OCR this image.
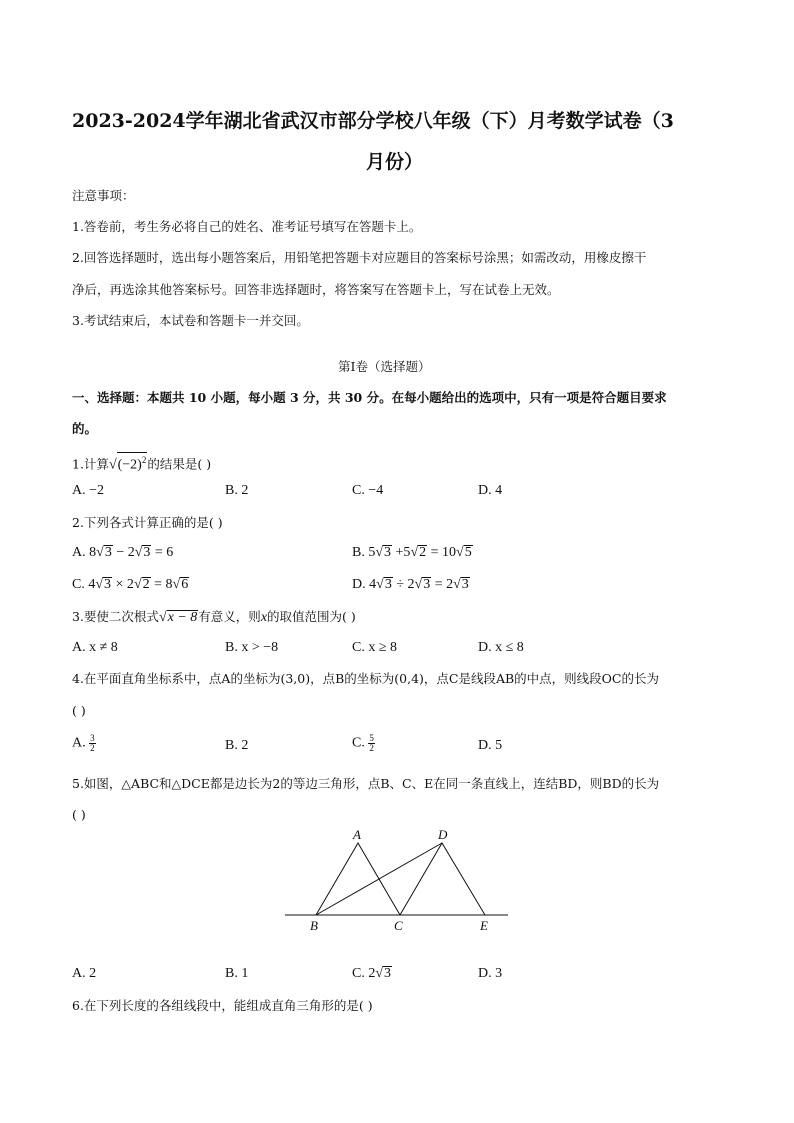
2023-2024学年湖北省武汉市部分学校八年级（下）月考数学试卷（3
月份）
注意事项：
1.答卷前，考生务必将自己的姓名、准考证号填写在答题卡上。
2.回答选择题时，选出每小题答案后，用铅笔把答题卡对应题目的答案标号涂黑；如需改动，用橡皮擦干
净后，再选涂其他答案标号。回答非选择题时，将答案写在答题卡上，写在试卷上无效。
3.考试结束后，本试卷和答题卡一并交回。
第I卷（选择题）
一、选择题：本题共 10 小题，每小题 3 分，共 30 分。在每小题给出的选项中，只有一项是符合题目要求
的。
1.计算$√(-2)^2$的结果是( )
A. −2	B. 2	C. −4	D. 4
2.下列各式计算正确的是( )
A. 8√3 − 2√3 = 6	B. 5√3 +5√2 = 10√5
C. 4√3 × 2√2 = 8√6	D. 4√3 ÷ 2√3 = 2√3
3.要使二次根式√x − 8有意义，则x的取值范围为( )
A. x ≠ 8	B. x > −8	C. x ≥ 8	D. x ≤ 8
4.在平面直角坐标系中，点A的坐标为(3,0)，点B的坐标为(0,4)，点C是线段AB的中点，则线段OC的长为
( )
A. $\frac{3}{2}$	B. 2	C. $\frac{5}{2}$	D. 5
5.如图，△ABC和△DCE都是边长为2的等边三角形，点B、C、E在同一条直线上，连结BD，则BD的长为
( )
A	D
B	C	E
A. 2	B. 1	C. 2√3	D. 3
6.在下列长度的各组线段中，能组成直角三角形的是( )
